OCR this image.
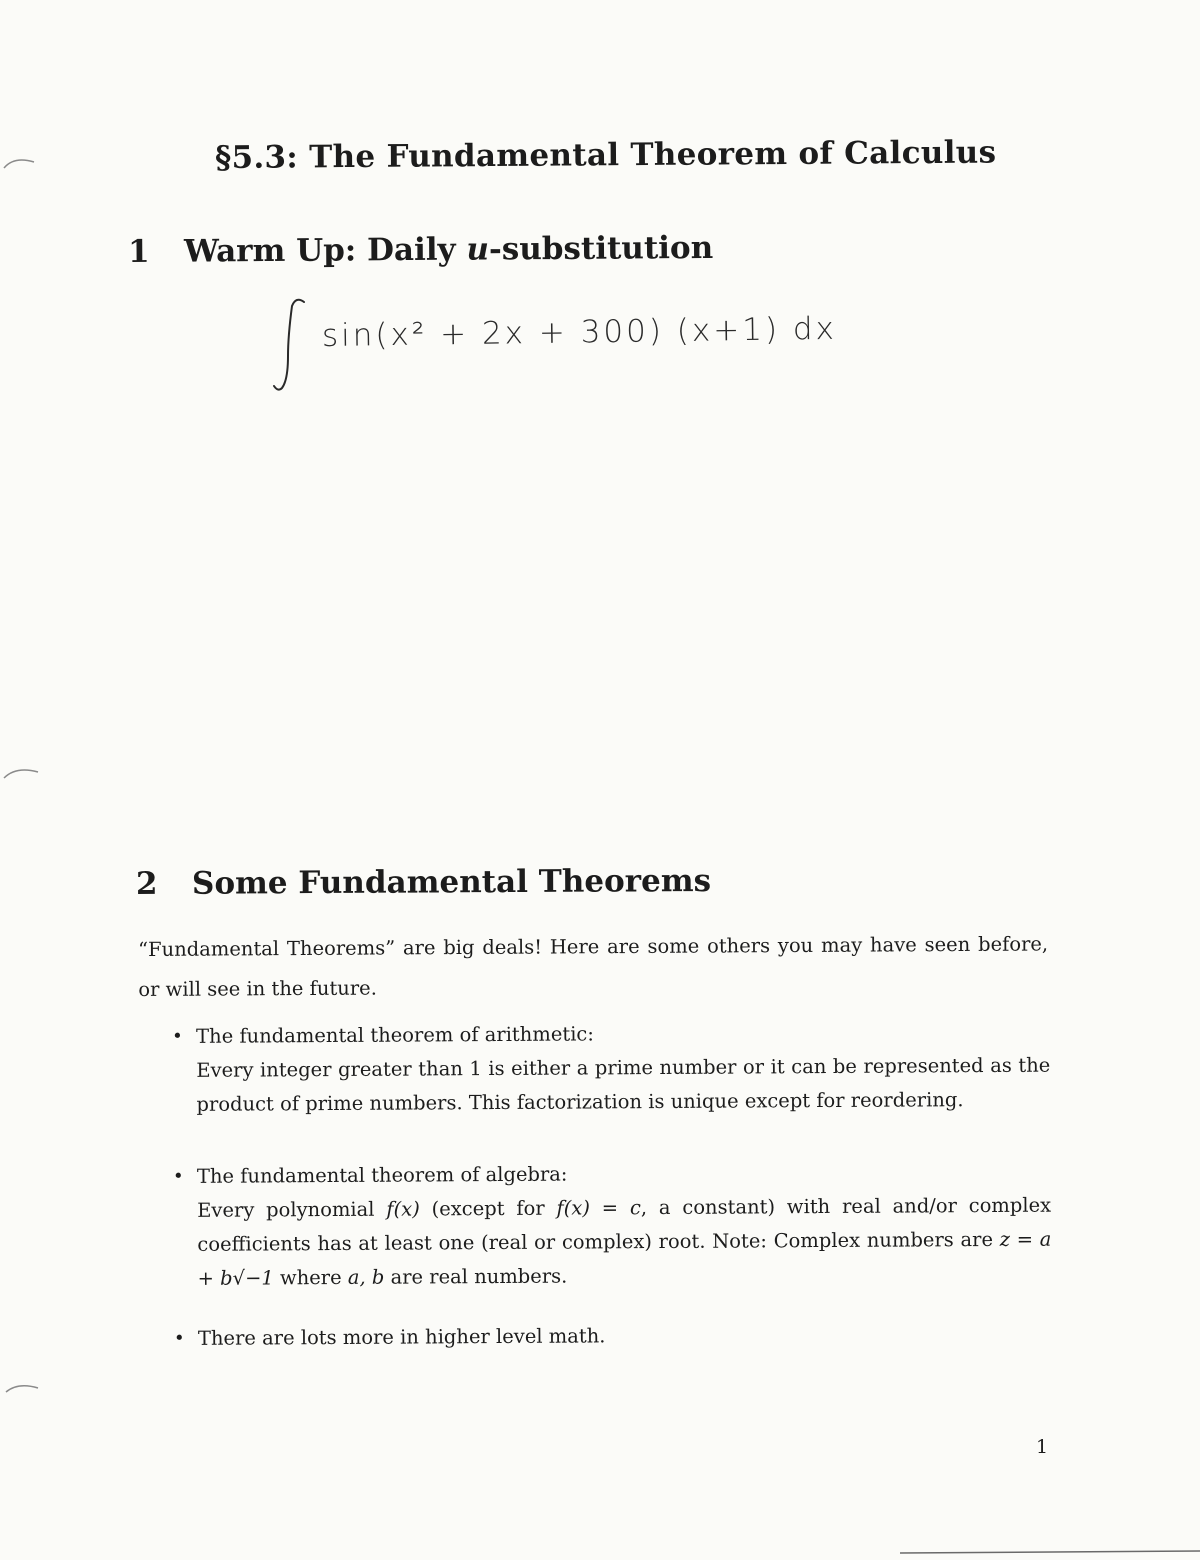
§5.3: The Fundamental Theorem of Calculus
1 Warm Up: Daily u-substitution
sin(x² + 2x + 300) (x+1) dx
2 Some Fundamental Theorems
“Fundamental Theorems” are big deals! Here are some others you may have seen before, or will see in the future.
• The fundamental theorem of arithmetic:
Every integer greater than 1 is either a prime number or it can be represented as the product of prime numbers. This factorization is unique except for reordering.
• The fundamental theorem of algebra:
Every polynomial f(x) (except for f(x) = c, a constant) with real and/or complex coefficients has at least one (real or complex) root. Note: Complex numbers are z = a + b√−1 where a, b are real numbers.
• There are lots more in higher level math.
1
